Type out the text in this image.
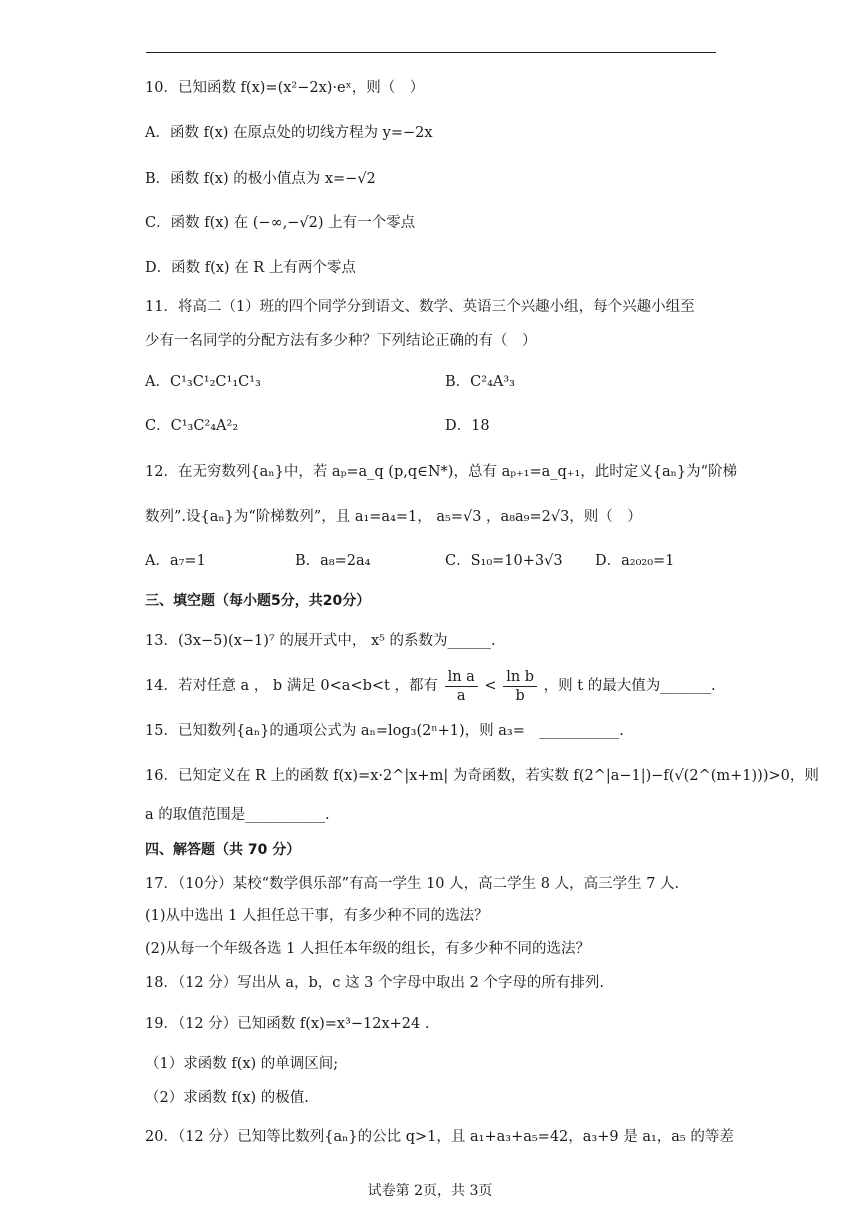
10．已知函数 f(x)=(x²−2x)·eˣ，则（　）
A．函数 f(x) 在原点处的切线方程为 y=−2x
B．函数 f(x) 的极小值点为 x=−√2
C．函数 f(x) 在 (−∞,−√2) 上有一个零点
D．函数 f(x) 在 R 上有两个零点
11．将高二（1）班的四个同学分到语文、数学、英语三个兴趣小组，每个兴趣小组至
少有一名同学的分配方法有多少种？下列结论正确的有（　）
A．C¹₃C¹₂C¹₁C¹₃	B．C²₄A³₃
C．C¹₃C²₄A²₂	D．18
12．在无穷数列{aₙ}中，若 aₚ=a_q (p,q∈N*)，总有 aₚ₊₁=a_q₊₁，此时定义{aₙ}为“阶梯
数列”.设{aₙ}为“阶梯数列”，且 a₁=a₄=1， a₅=√3 ，a₈a₉=2√3，则（　）
A．a₇=1	B．a₈=2a₄	C．S₁₀=10+3√3 D．a₂₀₂₀=1
三、填空题（每小题5分，共20分）
13．(3x−5)(x−1)⁷ 的展开式中， x⁵ 的系数为______.
14．若对任意 a ， b 满足 0<a<b<t ，都有 $\frac{\text{ln a}}{a} < \frac{\text{ln b}}{b}$ ，则 t 的最大值为_______.
15．已知数列{aₙ}的通项公式为 aₙ=log₃(2ⁿ+1)，则 a₃=　___________.
16．已知定义在 R 上的函数 f(x)=x·2^|x+m| 为奇函数，若实数 f(2^|a−1|)−f(√(2^(m+1)))>0，则
a 的取值范围是___________.
四、解答题（共 70 分）
17．（10分）某校“数学俱乐部”有高一学生 10 人，高二学生 8 人，高三学生 7 人.
(1)从中选出 1 人担任总干事，有多少种不同的选法？
(2)从每一个年级各选 1 人担任本年级的组长，有多少种不同的选法？
18．（12 分）写出从 a，b，c 这 3 个字母中取出 2 个字母的所有排列.
19．（12 分）已知函数 f(x)=x³−12x+24 .
（1）求函数 f(x) 的单调区间;
（2）求函数 f(x) 的极值.
20．（12 分）已知等比数列{aₙ}的公比 q>1，且 a₁+a₃+a₅=42，a₃+9 是 a₁，a₅ 的等差
试卷第 2页，共 3页
